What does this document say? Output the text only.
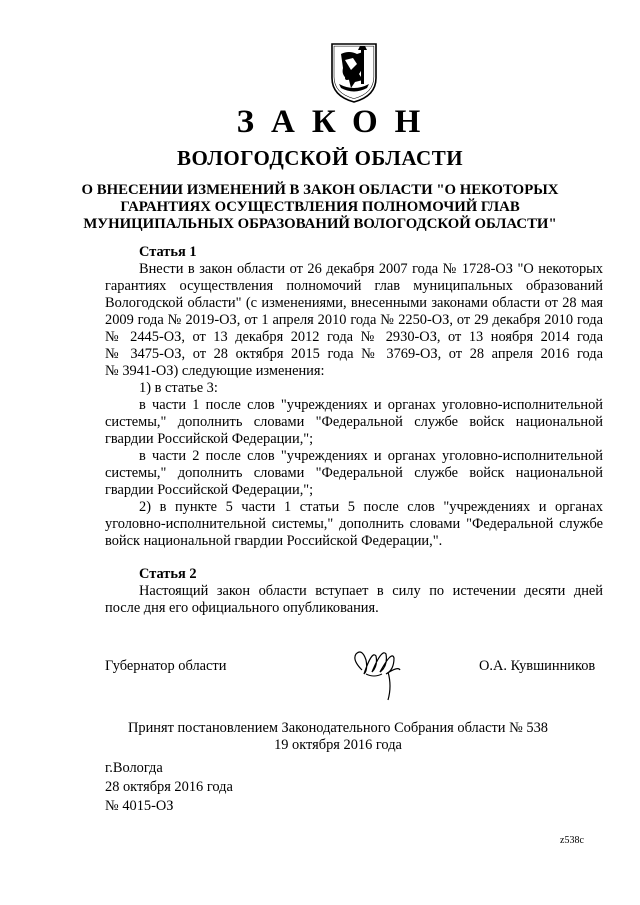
ЗАКОН
ВОЛОГОДСКОЙ ОБЛАСТИ
О ВНЕСЕНИИ ИЗМЕНЕНИЙ В ЗАКОН ОБЛАСТИ "О НЕКОТОРЫХ
ГАРАНТИЯХ ОСУЩЕСТВЛЕНИЯ ПОЛНОМОЧИЙ ГЛАВ
МУНИЦИПАЛЬНЫХ ОБРАЗОВАНИЙ ВОЛОГОДСКОЙ ОБЛАСТИ"
Статья 1
Внести в закон области от 26 декабря 2007 года № 1728-ОЗ "О некоторых
гарантиях осуществления полномочий глав муниципальных образований
Вологодской области" (с изменениями, внесенными законами области от 28 мая
2009 года № 2019-ОЗ, от 1 апреля 2010 года № 2250-ОЗ, от 29 декабря 2010 года
№ 2445-ОЗ, от 13 декабря 2012 года № 2930-ОЗ, от 13 ноября 2014 года
№ 3475-ОЗ, от 28 октября 2015 года № 3769-ОЗ, от 28 апреля 2016 года
№ 3941-ОЗ) следующие изменения:
1) в статье 3:
в части 1 после слов "учреждениях и органах уголовно-исполнительной
системы," дополнить словами "Федеральной службе войск национальной
гвардии Российской Федерации,";
в части 2 после слов "учреждениях и органах уголовно-исполнительной
системы," дополнить словами "Федеральной службе войск национальной
гвардии Российской Федерации,";
2) в пункте 5 части 1 статьи 5 после слов "учреждениях и органах
уголовно-исполнительной системы," дополнить словами "Федеральной службе
войск национальной гвардии Российской Федерации,".
Статья 2
Настоящий закон области вступает в силу по истечении десяти дней
после дня его официального опубликования.
Губернатор области	О.А. Кувшинников
Принят постановлением Законодательного Собрания области № 538
19 октября 2016 года
г.Вологда
28 октября 2016 года
№ 4015-ОЗ
z538c
